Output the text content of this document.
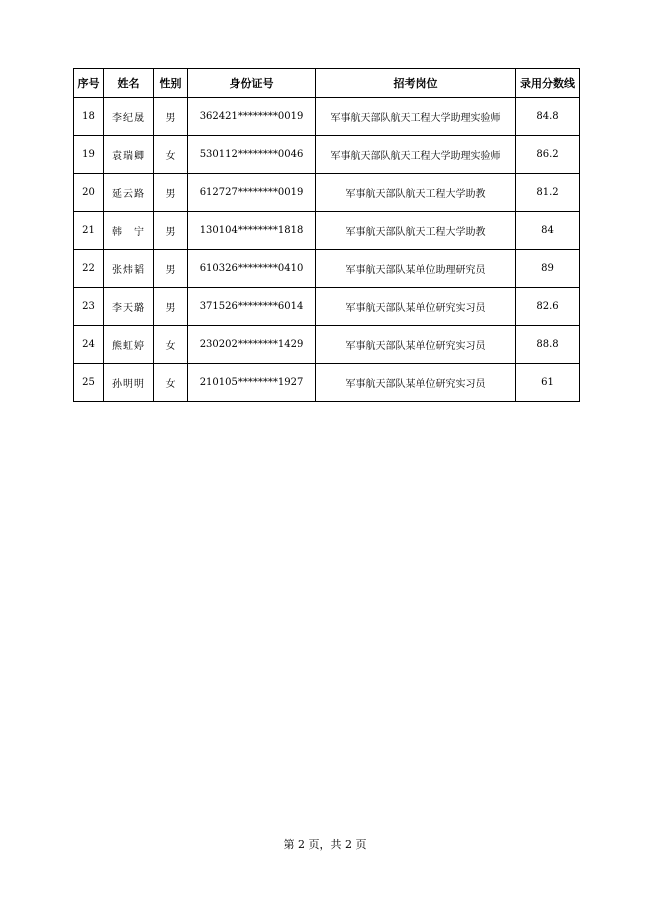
序号	姓名	性别	身份证号	招考岗位	录用分数线
18	李纪晟	男	362421********0019	军事航天部队航天工程大学助理实验师	84.8
19	袁瑞卿	女	530112********0046	军事航天部队航天工程大学助理实验师	86.2
20	延云路	男	612727********0019	军事航天部队航天工程大学助教	81.2
21	韩　宁	男	130104********1818	军事航天部队航天工程大学助教	84
22	张炜韬	男	610326********0410	军事航天部队某单位助理研究员	89
23	李天璐	男	371526********6014	军事航天部队某单位研究实习员	82.6
24	熊虹婷	女	230202********1429	军事航天部队某单位研究实习员	88.8
25	孙明明	女	210105********1927	军事航天部队某单位研究实习员	61
第 2 页，共 2 页
